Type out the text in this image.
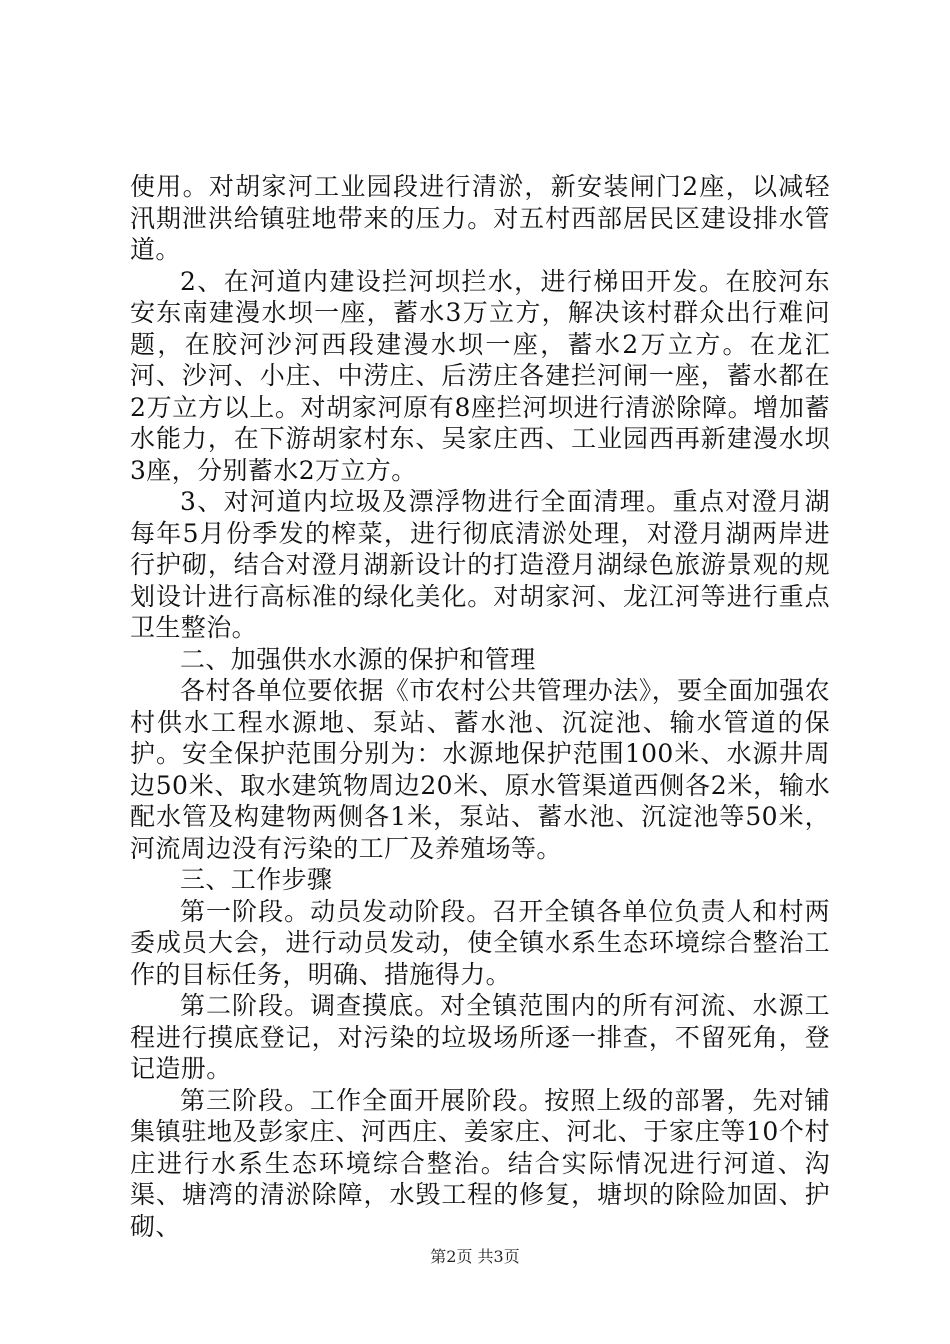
使用。对胡家河工业园段进行清淤，新安装闸门2座，以减轻汛期泄洪给镇驻地带来的压力。对五村西部居民区建设排水管道。

2、在河道内建设拦河坝拦水，进行梯田开发。在胶河东安东南建漫水坝一座，蓄水3万立方，解决该村群众出行难问题，在胶河沙河西段建漫水坝一座，蓄水2万立方。在龙汇河、沙河、小庄、中涝庄、后涝庄各建拦河闸一座，蓄水都在2万立方以上。对胡家河原有8座拦河坝进行清淤除障。增加蓄水能力，在下游胡家村东、吴家庄西、工业园西再新建漫水坝3座，分别蓄水2万立方。

3、对河道内垃圾及漂浮物进行全面清理。重点对澄月湖每年5月份季发的榨菜，进行彻底清淤处理，对澄月湖两岸进行护砌，结合对澄月湖新设计的打造澄月湖绿色旅游景观的规划设计进行高标准的绿化美化。对胡家河、龙江河等进行重点卫生整治。

二、加强供水水源的保护和管理

各村各单位要依据《市农村公共管理办法》，要全面加强农村供水工程水源地、泵站、蓄水池、沉淀池、输水管道的保护。安全保护范围分别为：水源地保护范围100米、水源井周边50米、取水建筑物周边20米、原水管渠道西侧各2米，输水配水管及构建物两侧各1米，泵站、蓄水池、沉淀池等50米，河流周边没有污染的工厂及养殖场等。

三、工作步骤

第一阶段。动员发动阶段。召开全镇各单位负责人和村两委成员大会，进行动员发动，使全镇水系生态环境综合整治工作的目标任务，明确、措施得力。

第二阶段。调查摸底。对全镇范围内的所有河流、水源工程进行摸底登记，对污染的垃圾场所逐一排查，不留死角，登记造册。

第三阶段。工作全面开展阶段。按照上级的部署，先对铺集镇驻地及彭家庄、河西庄、姜家庄、河北、于家庄等10个村庄进行水系生态环境综合整治。结合实际情况进行河道、沟渠、塘湾的清淤除障，水毁工程的修复，塘坝的除险加固、护砌、

第2页 共3页
